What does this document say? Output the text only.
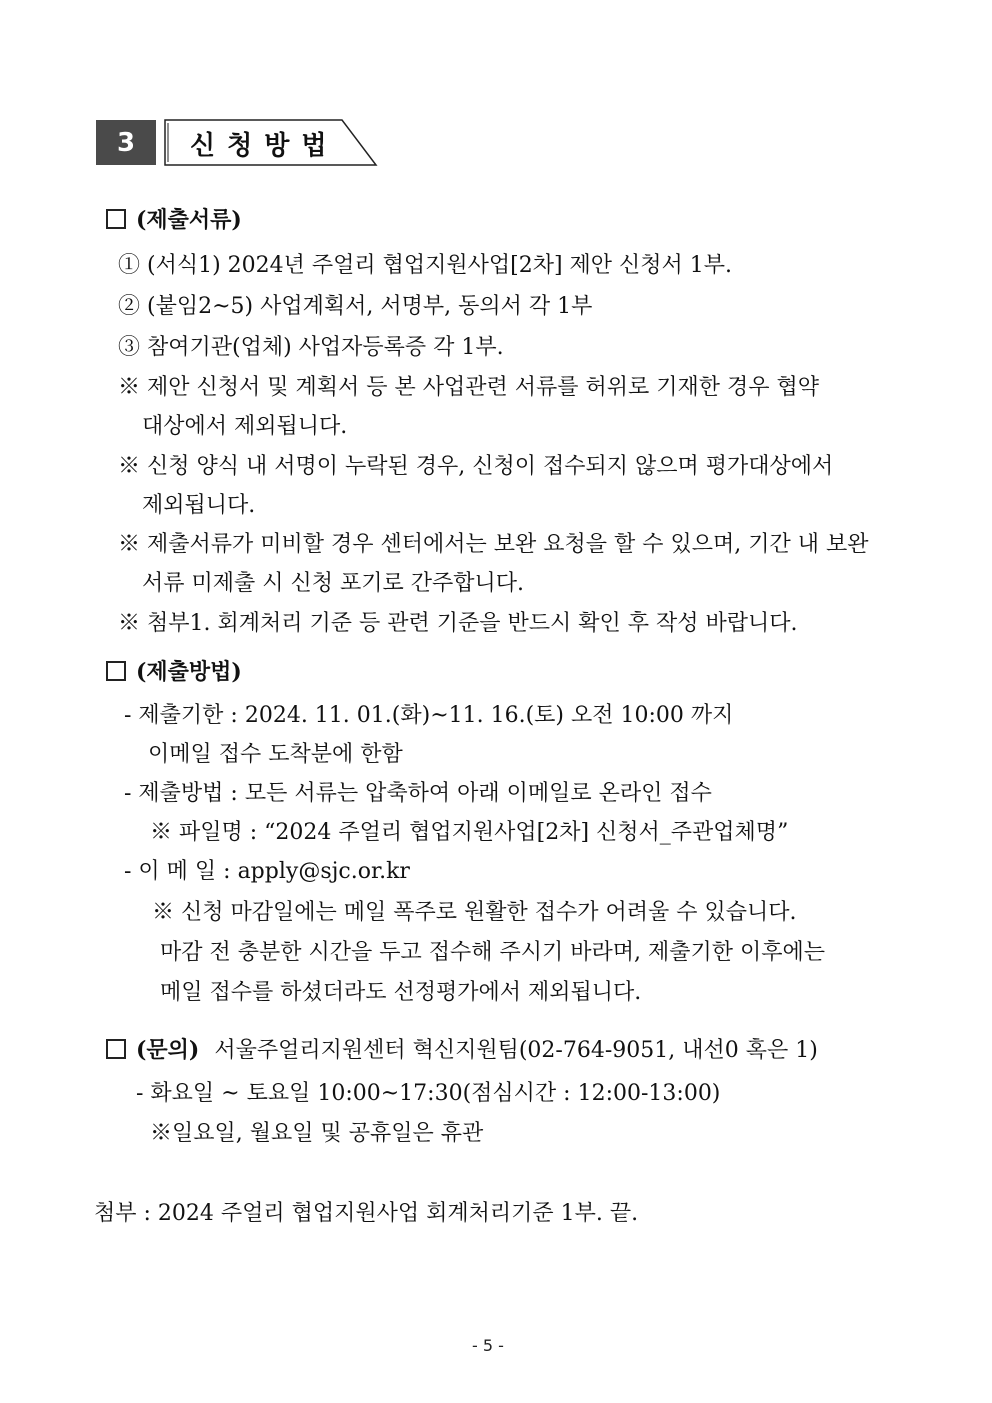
3	신청방법
(제출서류)
① (서식1) 2024년 주얼리 협업지원사업[2차] 제안 신청서 1부.
② (붙임2~5) 사업계획서, 서명부, 동의서 각 1부
③ 참여기관(업체) 사업자등록증 각 1부.
※ 제안 신청서 및 계획서 등 본 사업관련 서류를 허위로 기재한 경우 협약
대상에서 제외됩니다.
※ 신청 양식 내 서명이 누락된 경우, 신청이 접수되지 않으며 평가대상에서
제외됩니다.
※ 제출서류가 미비할 경우 센터에서는 보완 요청을 할 수 있으며, 기간 내 보완
서류 미제출 시 신청 포기로 간주합니다.
※ 첨부1. 회계처리 기준 등 관련 기준을 반드시 확인 후 작성 바랍니다.
(제출방법)
- 제출기한 : 2024. 11. 01.(화)~11. 16.(토) 오전 10:00 까지
이메일 접수 도착분에 한함
- 제출방법 : 모든 서류는 압축하여 아래 이메일로 온라인 접수
※ 파일명 : “2024 주얼리 협업지원사업[2차] 신청서_주관업체명”
- 이 메 일 : apply@sjc.or.kr
※ 신청 마감일에는 메일 폭주로 원활한 접수가 어려울 수 있습니다.
마감 전 충분한 시간을 두고 접수해 주시기 바라며, 제출기한 이후에는
메일 접수를 하셨더라도 선정평가에서 제외됩니다.
(문의) 서울주얼리지원센터 혁신지원팀(02-764-9051, 내선0 혹은 1)
- 화요일 ~ 토요일 10:00~17:30(점심시간 : 12:00-13:00)
※일요일, 월요일 및 공휴일은 휴관
첨부 : 2024 주얼리 협업지원사업 회계처리기준 1부. 끝.
- 5 -
